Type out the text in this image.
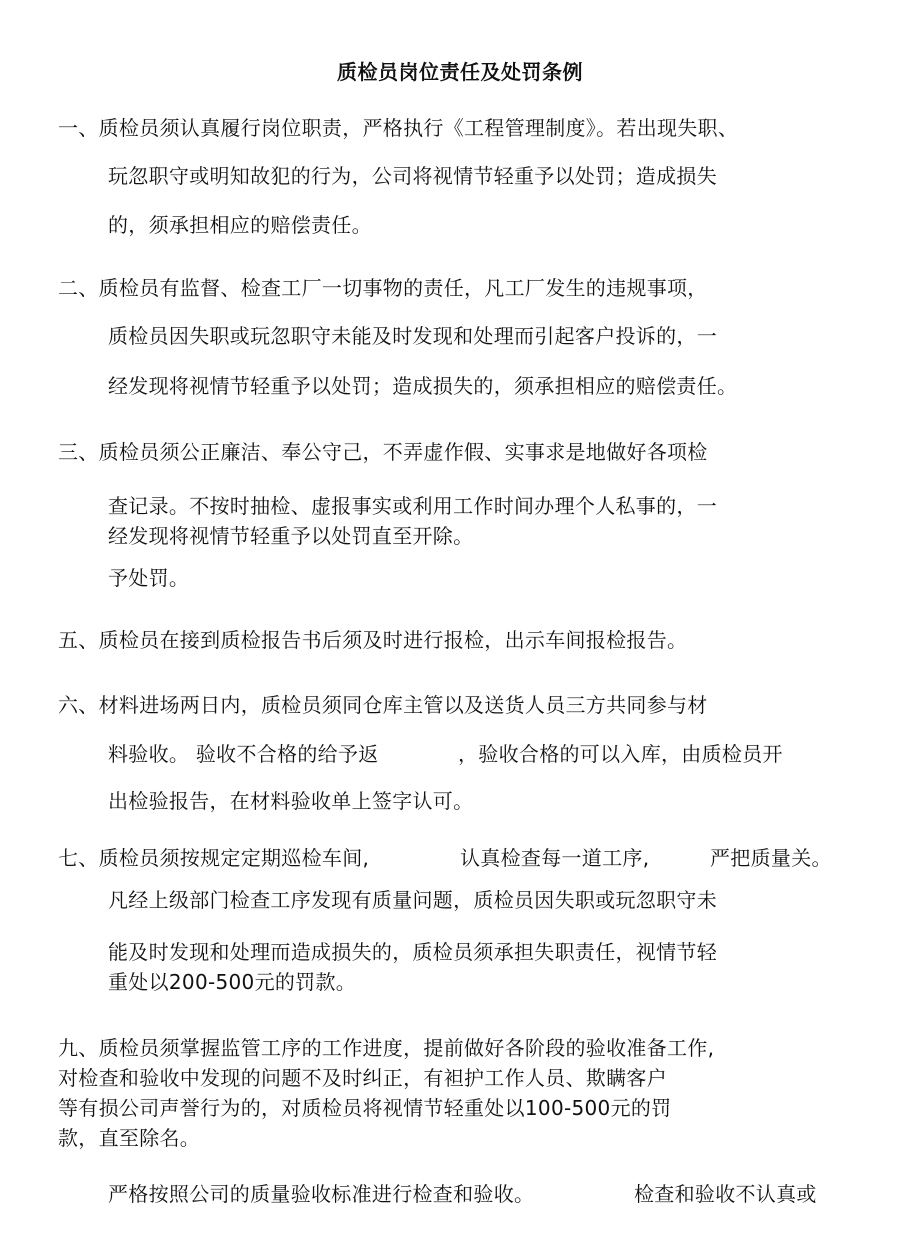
质检员岗位责任及处罚条例
一、质检员须认真履行岗位职责，严格执行《工程管理制度》。若出现失职、
玩忽职守或明知故犯的行为，公司将视情节轻重予以处罚；造成损失
的，须承担相应的赔偿责任。
二、质检员有监督、检查工厂一切事物的责任，凡工厂发生的违规事项，
质检员因失职或玩忽职守未能及时发现和处理而引起客户投诉的，一
经发现将视情节轻重予以处罚；造成损失的，须承担相应的赔偿责任。
三、质检员须公正廉洁、奉公守己，不弄虚作假、实事求是地做好各项检
查记录。不按时抽检、虚报事实或利用工作时间办理个人私事的，一
经发现将视情节轻重予以处罚直至开除。
予处罚。
五、质检员在接到质检报告书后须及时进行报检，出示车间报检报告。
六、材料进场两日内，质检员须同仓库主管以及送货人员三方共同参与材
料验收。 验收不合格的给予返	，验收合格的可以入库，由质检员开
出检验报告，在材料验收单上签字认可。
七、质检员须按规定定期巡检车间,	认真检查每一道工序,	严把质量关。
凡经上级部门检查工序发现有质量问题，质检员因失职或玩忽职守未
能及时发现和处理而造成损失的，质检员须承担失职责任，视情节轻
重处以200-500元的罚款。
九、质检员须掌握监管工序的工作进度，提前做好各阶段的验收准备工作,
对检查和验收中发现的问题不及时纠正，有袒护工作人员、欺瞒客户
等有损公司声誉行为的，对质检员将视情节轻重处以100-500元的罚
款，直至除名。
严格按照公司的质量验收标准进行检查和验收。	检查和验收不认真或
